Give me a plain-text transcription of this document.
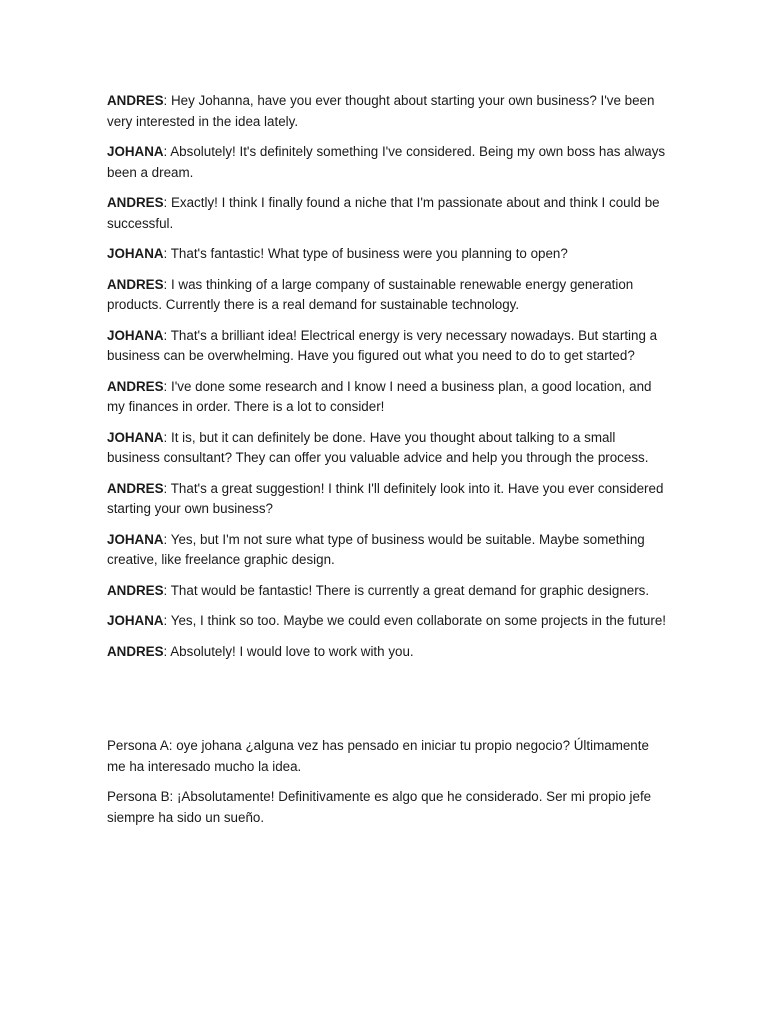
ANDRES: Hey Johanna, have you ever thought about starting your own business? I've been very interested in the idea lately.

JOHANA: Absolutely! It's definitely something I've considered. Being my own boss has always been a dream.

ANDRES: Exactly! I think I finally found a niche that I'm passionate about and think I could be successful.

JOHANA: That's fantastic! What type of business were you planning to open?

ANDRES: I was thinking of a large company of sustainable renewable energy generation products. Currently there is a real demand for sustainable technology.

JOHANA: That's a brilliant idea! Electrical energy is very necessary nowadays. But starting a business can be overwhelming. Have you figured out what you need to do to get started?

ANDRES: I've done some research and I know I need a business plan, a good location, and my finances in order. There is a lot to consider!

JOHANA: It is, but it can definitely be done. Have you thought about talking to a small business consultant? They can offer you valuable advice and help you through the process.

ANDRES: That's a great suggestion! I think I'll definitely look into it. Have you ever considered starting your own business?

JOHANA: Yes, but I'm not sure what type of business would be suitable. Maybe something creative, like freelance graphic design.

ANDRES: That would be fantastic! There is currently a great demand for graphic designers.

JOHANA: Yes, I think so too. Maybe we could even collaborate on some projects in the future!

ANDRES: Absolutely! I would love to work with you.

Persona A: oye johana ¿alguna vez has pensado en iniciar tu propio negocio? Últimamente me ha interesado mucho la idea.

Persona B: ¡Absolutamente! Definitivamente es algo que he considerado. Ser mi propio jefe siempre ha sido un sueño.
